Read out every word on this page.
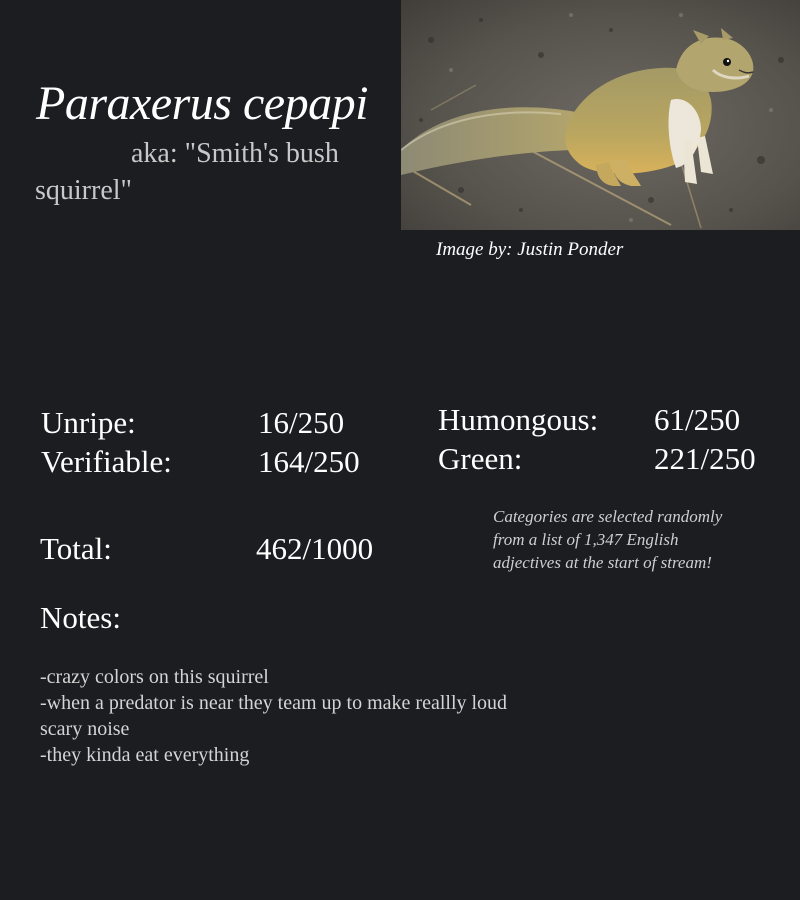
Paraxerus cepapi
aka: "Smith's bush squirrel"
Image by: Justin Ponder
Unripe:	16/250
Verifiable:	164/250
Humongous: 61/250
Green:	221/250
Total:	462/1000
Categories are selected randomly from a list of 1,347 English adjectives at the start of stream!
Notes:
-crazy colors on this squirrel
-when a predator is near they team up to make reallly loud scary noise
-they kinda eat everything
